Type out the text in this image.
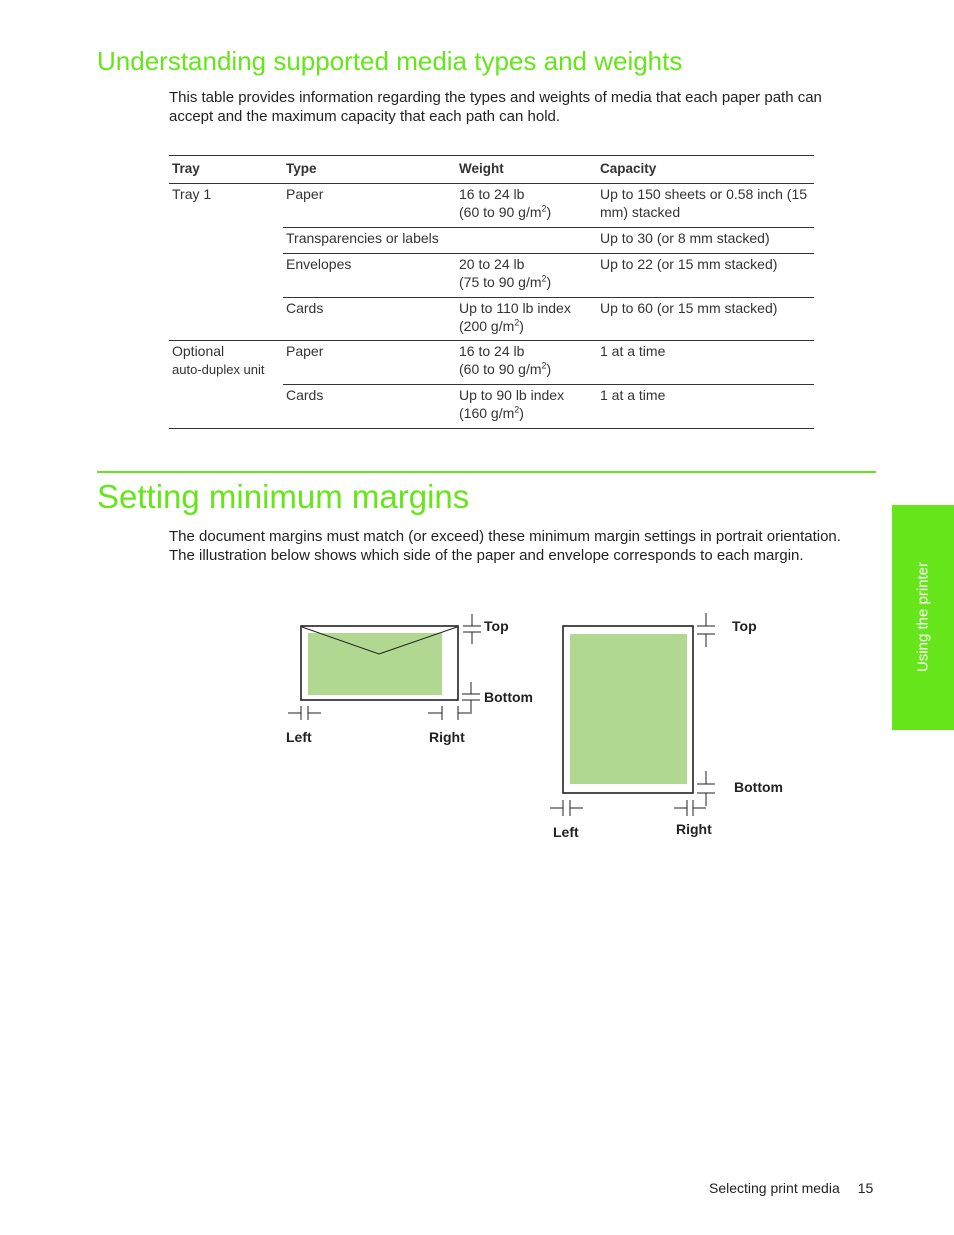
Understanding supported media types and weights

This table provides information regarding the types and weights of media that each paper path can accept and the maximum capacity that each path can hold.

Tray	Type	Weight	Capacity
Tray 1	Paper	16 to 24 lb
(60 to 90 $g/m^2$)	Up to 150 sheets or 0.58 inch (15 mm) stacked
	Transparencies or labels		Up to 30 (or 8 mm stacked)
	Envelopes	20 to 24 lb
(75 to 90 $g/m^2$)	Up to 22 (or 15 mm stacked)
	Cards	Up to 110 lb index
(200 $g/m^2$)	Up to 60 (or 15 mm stacked)
Optional
auto-duplex unit	Paper	16 to 24 lb
(60 to 90 $g/m^2$)	1 at a time
	Cards	Up to 90 lb index
(160 $g/m^2$)	1 at a time
Setting minimum margins

The document margins must match (or exceed) these minimum margin settings in portrait orientation. The illustration below shows which side of the paper and envelope corresponds to each margin.

Top
Bottom
Left	Right
Top
Bottom
Left	Right
Using the printer
Selecting print media 15
